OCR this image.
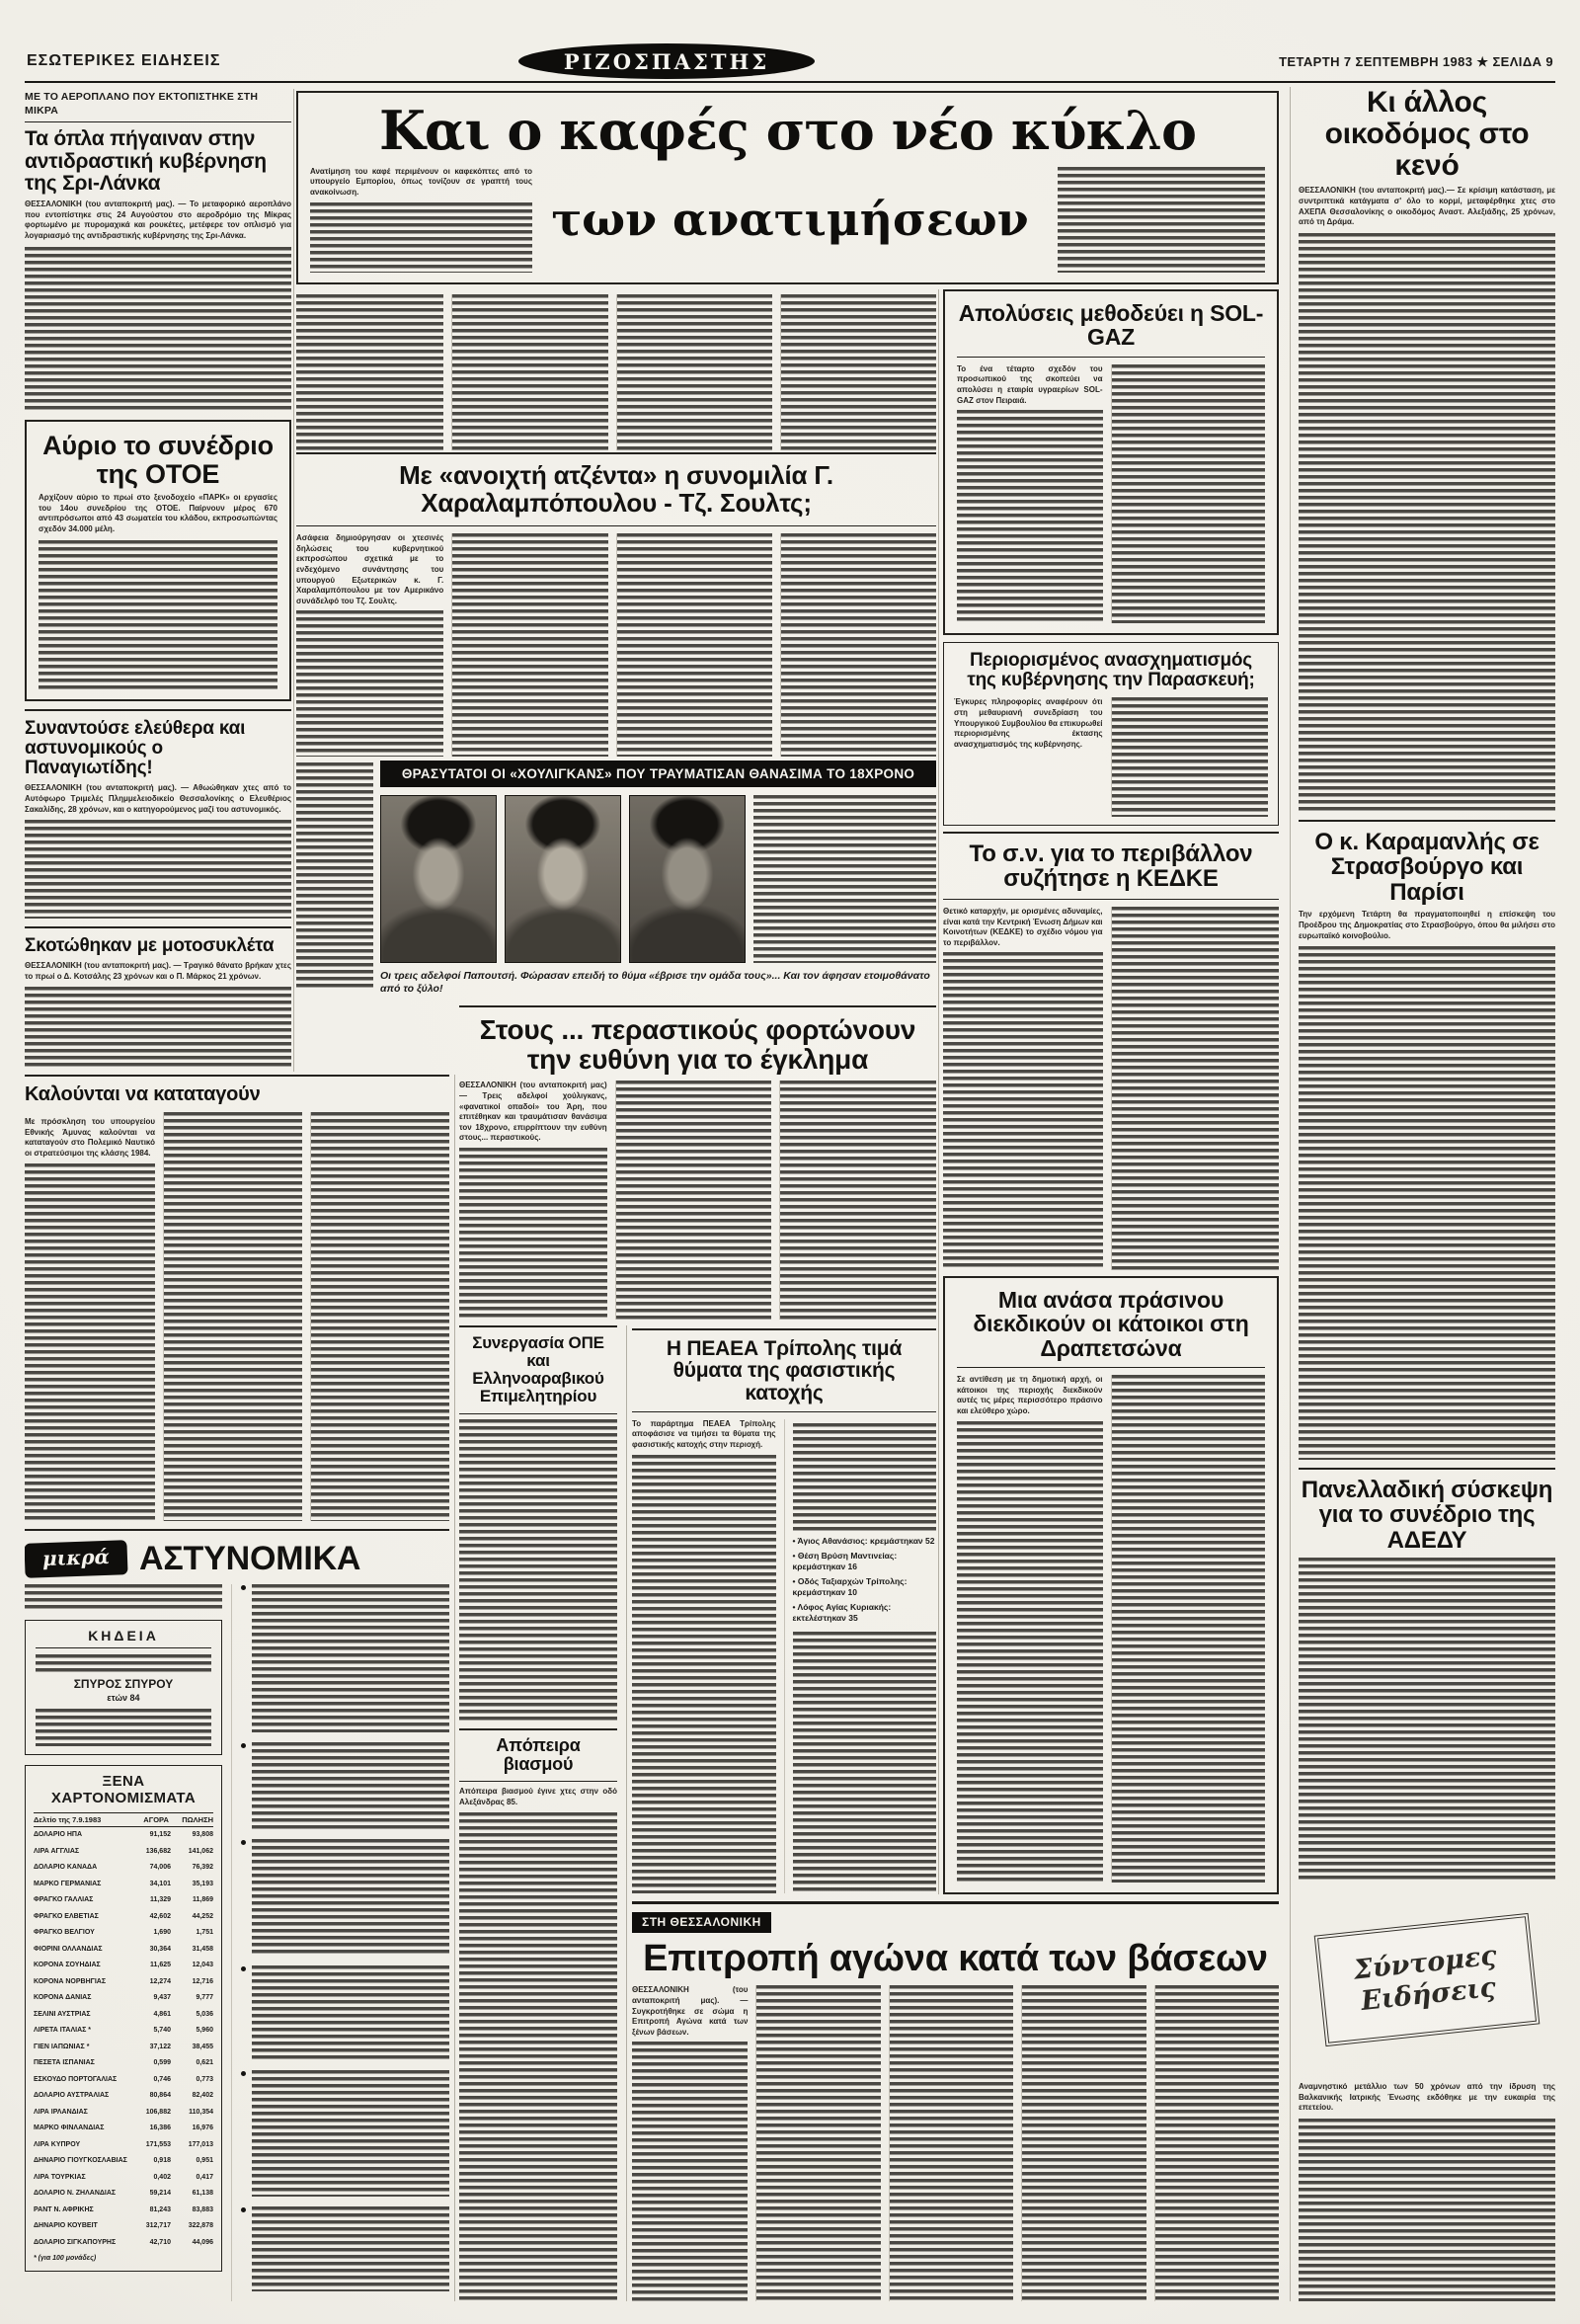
ΕΣΩΤΕΡΙΚΕΣ ΕΙΔΗΣΕΙΣ	ΡΙΖΟΣΠΑΣΤΗΣ	ΤΕΤΑΡΤΗ 7 ΣΕΠΤΕΜΒΡΗ 1983 ★ ΣΕΛΙΔΑ 9
ΜΕ ΤΟ ΑΕΡΟΠΛΑΝΟ ΠΟΥ ΕΚΤΟΠΙΣΤΗΚΕ ΣΤΗ ΜΙΚΡΑ
Τα όπλα πήγαιναν στην αντιδραστική κυβέρνηση της Σρι-Λάνκα

ΘΕΣΣΑΛΟΝΙΚΗ (του ανταποκριτή μας). — Το μεταφορικό αεροπλάνο που εντοπίστηκε στις 24 Αυγούστου στο αεροδρόμιο της Μίκρας φορτωμένο με πυρομαχικά και ρουκέτες, μετέφερε τον οπλισμό για λογαριασμό της αντιδραστικής κυβέρνησης της Σρι-Λάνκα.

Αύριο το συνέδριο της ΟΤΟΕ

Αρχίζουν αύριο το πρωί στο ξενοδοχείο «ΠΑΡΚ» οι εργασίες του 14ου συνεδρίου της ΟΤΟΕ. Παίρνουν μέρος 670 αντιπρόσωποι από 43 σωματεία του κλάδου, εκπροσωπώντας σχεδόν 34.000 μέλη.

Συναντούσε ελεύθερα και αστυνομικούς ο Παναγιωτίδης!

ΘΕΣΣΑΛΟΝΙΚΗ (του ανταποκριτή μας). — Αθωώθηκαν χτες από το Αυτόφωρο Τριμελές Πλημμελειοδικείο Θεσσαλονίκης ο Ελευθέριος Σακαλίδης, 28 χρόνων, και ο κατηγορούμενος μαζί του αστυνομικός.

Σκοτώθηκαν με μοτοσυκλέτα

ΘΕΣΣΑΛΟΝΙΚΗ (του ανταποκριτή μας). — Τραγικό θάνατο βρήκαν χτες το πρωί ο Δ. Κοτσάλης 23 χρόνων και ο Π. Μάρκος 21 χρόνων.

Καλούνται να καταταγούν

Με πρόσκληση του υπουργείου Εθνικής Άμυνας καλούνται να καταταγούν στο Πολεμικό Ναυτικό οι στρατεύσιμοι της κλάσης 1984.

μικρά ΑΣΤΥΝΟΜΙΚΑ
ΚΗΔΕΙΑ
ΣΠΥΡΟΣ ΣΠΥΡΟΥ
ετών 84
ΞΕΝΑ ΧΑΡΤΟΝΟΜΙΣΜΑΤΑ
Δελτίο της 7.9.1983	ΑΓΟΡΑ ΠΩΛΗΣΗ
ΔΟΛΑΡΙΟ ΗΠΑ	91,152	93,808
ΛΙΡΑ ΑΓΓΛΙΑΣ	136,682	141,062
ΔΟΛΑΡΙΟ ΚΑΝΑΔΑ	74,006	76,392
ΜΑΡΚΟ ΓΕΡΜΑΝΙΑΣ	34,101	35,193
ΦΡΑΓΚΟ ΓΑΛΛΙΑΣ	11,329	11,869
ΦΡΑΓΚΟ ΕΛΒΕΤΙΑΣ	42,602	44,252
ΦΡΑΓΚΟ ΒΕΛΓΙΟΥ	1,690	1,751
ΦΙΟΡΙΝΙ ΟΛΛΑΝΔΙΑΣ	30,364	31,458
ΚΟΡΟΝΑ ΣΟΥΗΔΙΑΣ	11,625	12,043
ΚΟΡΟΝΑ ΝΟΡΒΗΓΙΑΣ	12,274	12,716
ΚΟΡΟΝΑ ΔΑΝΙΑΣ	9,437	9,777
ΣΕΛΙΝΙ ΑΥΣΤΡΙΑΣ	4,861	5,036
ΛΙΡΕΤΑ ΙΤΑΛΙΑΣ *	5,740	5,960
ΓΙΕΝ ΙΑΠΩΝΙΑΣ *	37,122	38,455
ΠΕΣΕΤΑ ΙΣΠΑΝΙΑΣ	0,599	0,621
ΕΣΚΟΥΔΟ ΠΟΡΤΟΓΑΛΙΑΣ	0,746	0,773
ΔΟΛΑΡΙΟ ΑΥΣΤΡΑΛΙΑΣ	80,864	82,402
ΛΙΡΑ ΙΡΛΑΝΔΙΑΣ	106,882	110,354
ΜΑΡΚΟ ΦΙΝΛΑΝΔΙΑΣ	16,386	16,976
ΛΙΡΑ ΚΥΠΡΟΥ	171,553	177,013
ΔΗΝΑΡΙΟ ΓΙΟΥΓΚΟΣΛΑΒΙΑΣ	0,918	0,951
ΛΙΡΑ ΤΟΥΡΚΙΑΣ	0,402	0,417
ΔΟΛΑΡΙΟ Ν. ΖΗΛΑΝΔΙΑΣ	59,214	61,138
ΡΑΝΤ Ν. ΑΦΡΙΚΗΣ	81,243	83,883
ΔΗΝΑΡΙΟ ΚΟΥΒΕΙΤ	312,717	322,878
ΔΟΛΑΡΙΟ ΣΙΓΚΑΠΟΥΡΗΣ	42,710	44,096
* (για 100 μονάδες)
Και ο καφές στο νέο κύκλο

Ανατίμηση του καφέ περιμένουν οι καφεκόπτες από το υπουργείο Εμπορίου, όπως τονίζουν σε γραπτή τους ανακοίνωση.

των ανατιμήσεων
Με «ανοιχτή ατζέντα» η συνομιλία Γ. Χαραλαμπόπουλου - Τζ. Σουλτς;

Ασάφεια δημιούργησαν οι χτεσινές δηλώσεις του κυβερνητικού εκπροσώπου σχετικά με το ενδεχόμενο συνάντησης του υπουργού Εξωτερικών κ. Γ. Χαραλαμπόπουλου με τον Αμερικάνο συνάδελφό του Τζ. Σουλτς.

ΘΡΑΣΥΤΑΤΟΙ ΟΙ «ΧΟΥΛΙΓΚΑΝΣ» ΠΟΥ ΤΡΑΥΜΑΤΙΣΑΝ ΘΑΝΑΣΙΜΑ ΤΟ 18ΧΡΟΝΟ
Οι τρεις αδελφοί Παπουτσή. Φώρασαν επειδή το θύμα «έβρισε την ομάδα τους»... Και τον άφησαν ετοιμοθάνατο από το ξύλο!
Στους ... περαστικούς φορτώνουν την ευθύνη για το έγκλημα

ΘΕΣΣΑΛΟΝΙΚΗ (του ανταποκριτή μας) — Τρεις αδελφοί χούλιγκανς, «φανατικοί οπαδοί» του Άρη, που επιτέθηκαν και τραυμάτισαν θανάσιμα τον 18χρονο, επιρρίπτουν την ευθύνη στους... περαστικούς.

Συνεργασία ΟΠΕ και Ελληνοαραβικού Επιμελητηρίου
Απόπειρα βιασμού

Απόπειρα βιασμού έγινε χτες στην οδό Αλεξάνδρας 85.

Η ΠΕΑΕΑ Τρίπολης τιμά θύματα της φασιστικής κατοχής

Το παράρτημα ΠΕΑΕΑ Τρίπολης αποφάσισε να τιμήσει τα θύματα της φασιστικής κατοχής στην περιοχή.

• Άγιος Αθανάσιος: κρεμάστηκαν 52
• Θέση Βρύση Μαντινείας: κρεμάστηκαν 16
• Οδός Ταξιαρχών Τρίπολης: κρεμάστηκαν 10
• Λόφος Αγίας Κυριακής: εκτελέστηκαν 35
ΣΤΗ ΘΕΣΣΑΛΟΝΙΚΗ
Επιτροπή αγώνα κατά των βάσεων

ΘΕΣΣΑΛΟΝΙΚΗ (του ανταποκριτή μας). — Συγκροτήθηκε σε σώμα η Επιτροπή Αγώνα κατά των ξένων βάσεων.

Απολύσεις μεθοδεύει η SOL-GAZ

Το ένα τέταρτο σχεδόν του προσωπικού της σκοπεύει να απολύσει η εταιρία υγραερίων SOL-GAZ στον Πειραιά.

Περιορισμένος ανασχηματισμός της κυβέρνησης την Παρασκευή;

Έγκυρες πληροφορίες αναφέρουν ότι στη μεθαυριανή συνεδρίαση του Υπουργικού Συμβουλίου θα επικυρωθεί περιορισμένης έκτασης ανασχηματισμός της κυβέρνησης.

Το σ.ν. για το περιβάλλον συζήτησε η ΚΕΔΚΕ

Θετικό καταρχήν, με ορισμένες αδυναμίες, είναι κατά την Κεντρική Ένωση Δήμων και Κοινοτήτων (ΚΕΔΚΕ) το σχέδιο νόμου για το περιβάλλον.

Μια ανάσα πράσινου διεκδικούν οι κάτοικοι στη Δραπετσώνα

Σε αντίθεση με τη δημοτική αρχή, οι κάτοικοι της περιοχής διεκδικούν αυτές τις μέρες περισσότερο πράσινο και ελεύθερο χώρο.

Κι άλλος οικοδόμος στο κενό

ΘΕΣΣΑΛΟΝΙΚΗ (του ανταποκριτή μας).— Σε κρίσιμη κατάσταση, με συντριπτικά κατάγματα σ' όλο το κορμί, μεταφέρθηκε χτες στο ΑΧΕΠΑ Θεσσαλονίκης ο οικοδόμος Αναστ. Αλεξιάδης, 25 χρόνων, από τη Δράμα.

Ο κ. Καραμανλής σε Στρασβούργο και Παρίσι

Την ερχόμενη Τετάρτη θα πραγματοποιηθεί η επίσκεψη του Προέδρου της Δημοκρατίας στο Στρασβούργο, όπου θα μιλήσει στο ευρωπαϊκό κοινοβούλιο.

Πανελλαδική σύσκεψη για το συνέδριο της ΑΔΕΔΥ
Σύντομες Ειδήσεις

Αναμνηστικό μετάλλιο των 50 χρόνων από την ίδρυση της Βαλκανικής Ιατρικής Ένωσης εκδόθηκε με την ευκαιρία της επετείου.
